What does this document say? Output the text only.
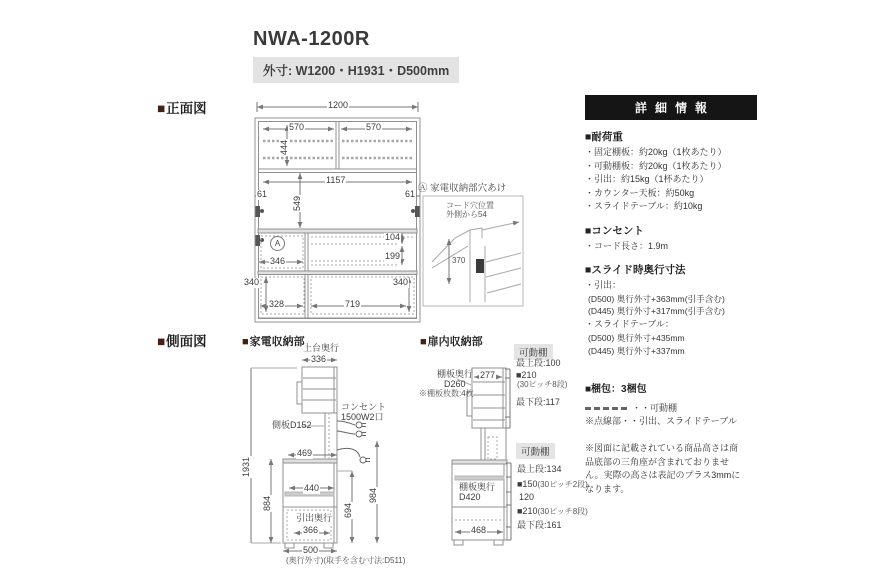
NWA-1200R
外寸: W1200・H1931・D500mm
■正面図
■側面図	■家電収納部	■扉内収納部
1200
570	570
444
1157
61	61
549
A
346
104
199
340
328
340
719
Ⓐ 家電収納部穴あけ
コード穴位置
外側から54
370
上台奥行
336
コンセント
1500W2口
側板D152
469
1931
884
440
694
984
引出奥行
366
500
(奥行外寸)(取手を含む寸法:D511)
棚板奥行
D260
※棚板枚数:4枚
277
可動棚
最上段:100
■210
(30ピッチ8段)
最下段:117
可動棚
最上段:134
■150(30ピッチ2段)
120
■210(30ピッチ8段)
最下段:161
棚板奥行
D420
468
詳細情報
■耐荷重
・固定棚板：約20kg（1枚あたり）
・可動棚板：約20kg（1枚あたり）
・引出：約15kg（1杯あたり）
・カウンター天板：約50kg
・スライドテーブル：約10kg
■コンセント
・コード長さ：1.9m
■スライド時奥行寸法
・引出：
(D500) 奥行外寸+363mm(引手含む)
(D445) 奥行外寸+317mm(引手含む)
・スライドテーブル：
(D500) 奥行外寸+435mm
(D445) 奥行外寸+337mm
■梱包：3梱包
・・可動棚
※点線部・・引出、スライドテーブル
※図面に記載されている商品高さは商品底部の三角座が含まれておりません。実際の高さは表記のプラス3mmになります。
